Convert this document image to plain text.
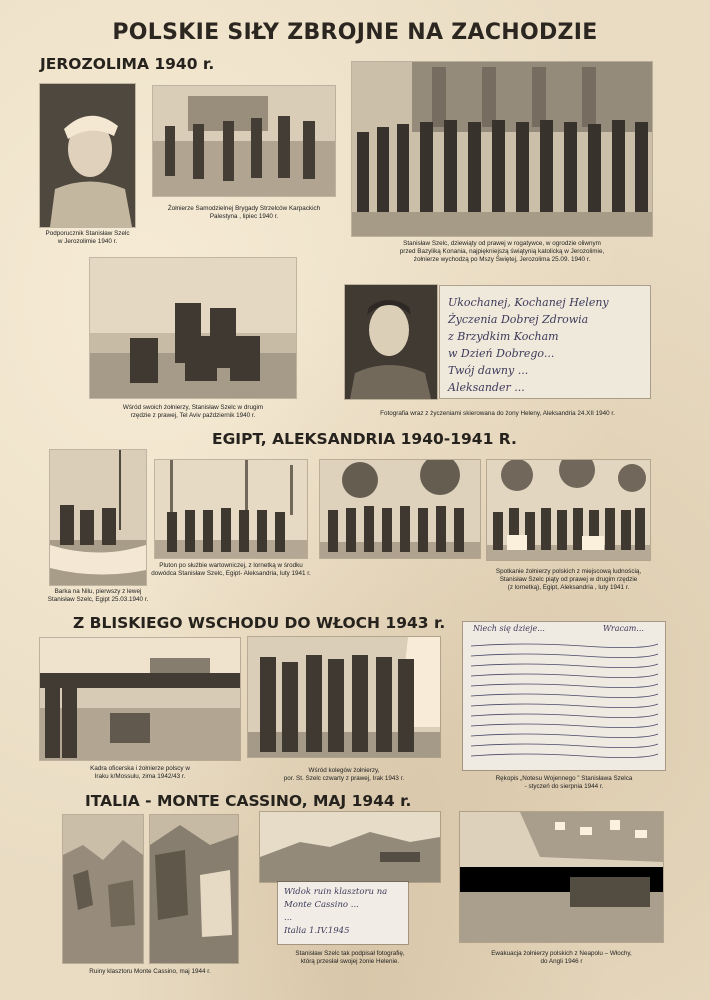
POLSKIE SIŁY ZBROJNE NA ZACHODZIE
JEROZOLIMA 1940 r.
Podporucznik Stanisław Szelc
w Jerozolimie 1940 r.
Żołnierze Samodzielnej Brygady Strzelców Karpackich
Palestyna , lipiec 1940 r.
Stanisław Szelc, dziewiąty od prawej w rogatywce, w ogrodzie oliwnym
przed Bazyliką Konania, najpiękniejszą świątynią katolicką w Jerozolimie,
żołnierze wychodzą po Mszy Świętej, Jerozolima 25.09. 1940 r.
Wśród swoich żołnierzy, Stanisław Szelc w drugim
rzędzie z prawej, Tel Aviv październik 1940 r.
Ukochanej, Kochanej Heleny
Życzenia Dobrej Zdrowia
z Brzydkim Kocham
w Dzień Dobrego...
Twój dawny ...
Aleksander ...
Fotografia wraz z życzeniami skierowana do żony Heleny, Aleksandria 24.XII 1940 r.
EGIPT, ALEKSANDRIA 1940-1941 R.
Barka na Nilu, pierwszy z lewej
Stanisław Szelc, Egipt 25.03.1940 r.
Pluton po służbie wartowniczej, z lornetką w środku
dowódca Stanisław Szelc, Egipt- Aleksandria, luty 1941 r.	Spotkanie żołnierzy polskich z miejscową ludnością,
Stanisław Szelc piąty od prawej w drugim rzędzie
(z lornetką), Egipt, Aleksandria , luty 1941 r.
Z BLISKIEGO WSCHODU DO WŁOCH 1943 r.
Kadra oficerska i żołnierze polscy w
Iraku k/Mossulu, zima 1942/43 r.
Wśród kolegów żołnierzy,
por. St. Szelc czwarty z prawej, Irak 1943 r.
Niech się dzieje...	Wracam...
Rękopis „Notesu Wojennego ” Stanisława Szelca
- styczeń do sierpnia 1944 r.
ITALIA - MONTE CASSINO, MAJ 1944 r.
Ruiny klasztoru Monte Cassino, maj 1944 r.
Widok ruin klasztoru na
Monte Cassino ...
...
Italia 1.IV.1945
Stanisław Szelc tak podpisał fotografię,
którą przesłał swojej żonie Helenie.
Ewakuacja żołnierzy polskich z Neapolu – Włochy,
do Angli 1946 r
